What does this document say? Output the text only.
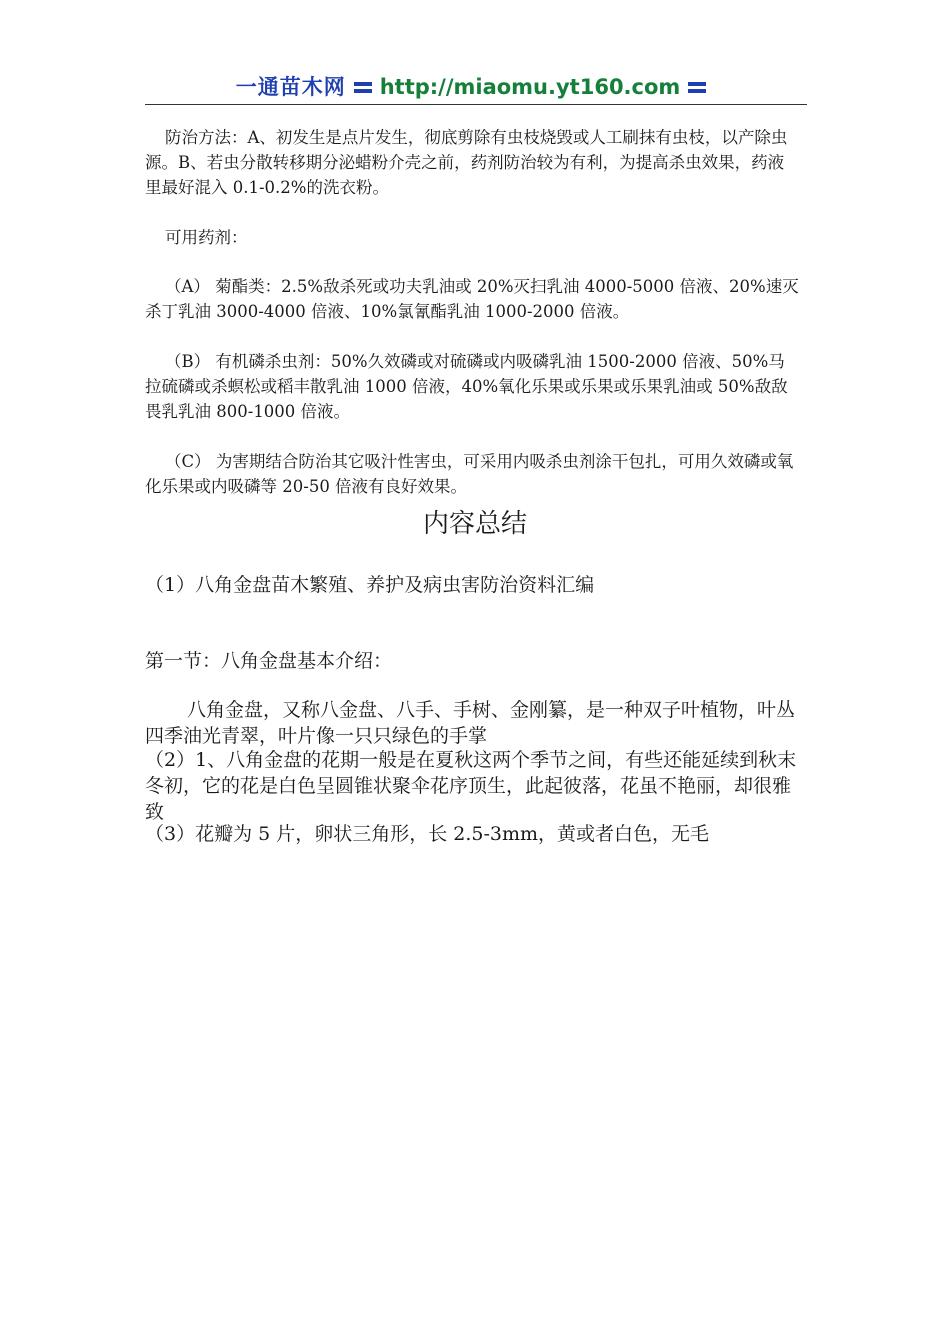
一通苗木网 http://miaomu.yt160.com

防治方法：A、初发生是点片发生，彻底剪除有虫枝烧毁或人工刷抹有虫枝，以产除虫源。B、若虫分散转移期分泌蜡粉介壳之前，药剂防治较为有利，为提高杀虫效果，药液里最好混入 0.1-0.2%的洗衣粉。

可用药剂：

（A） 菊酯类：2.5%敌杀死或功夫乳油或 20%灭扫乳油 4000-5000 倍液、20%速灭杀丁乳油 3000-4000 倍液、10%氯氰酯乳油 1000-2000 倍液。

（B） 有机磷杀虫剂：50%久效磷或对硫磷或内吸磷乳油 1500-2000 倍液、50%马拉硫磷或杀螟松或稻丰散乳油 1000 倍液，40%氧化乐果或乐果或乐果乳油或 50%敌敌畏乳乳油 800-1000 倍液。

（C） 为害期结合防治其它吸汁性害虫，可采用内吸杀虫剂涂干包扎，可用久效磷或氧化乐果或内吸磷等 20-50 倍液有良好效果。

内容总结

（1）八角金盘苗木繁殖、养护及病虫害防治资料汇编

第一节：八角金盘基本介绍：

八角金盘，又称八金盘、八手、手树、金刚纂，是一种双子叶植物，叶丛四季油光青翠，叶片像一只只绿色的手掌

（2）1、八角金盘的花期一般是在夏秋这两个季节之间，有些还能延续到秋末冬初，它的花是白色呈圆锥状聚伞花序顶生，此起彼落，花虽不艳丽，却很雅致

（3）花瓣为 5 片，卵状三角形，长 2.5-3mm，黄或者白色，无毛
